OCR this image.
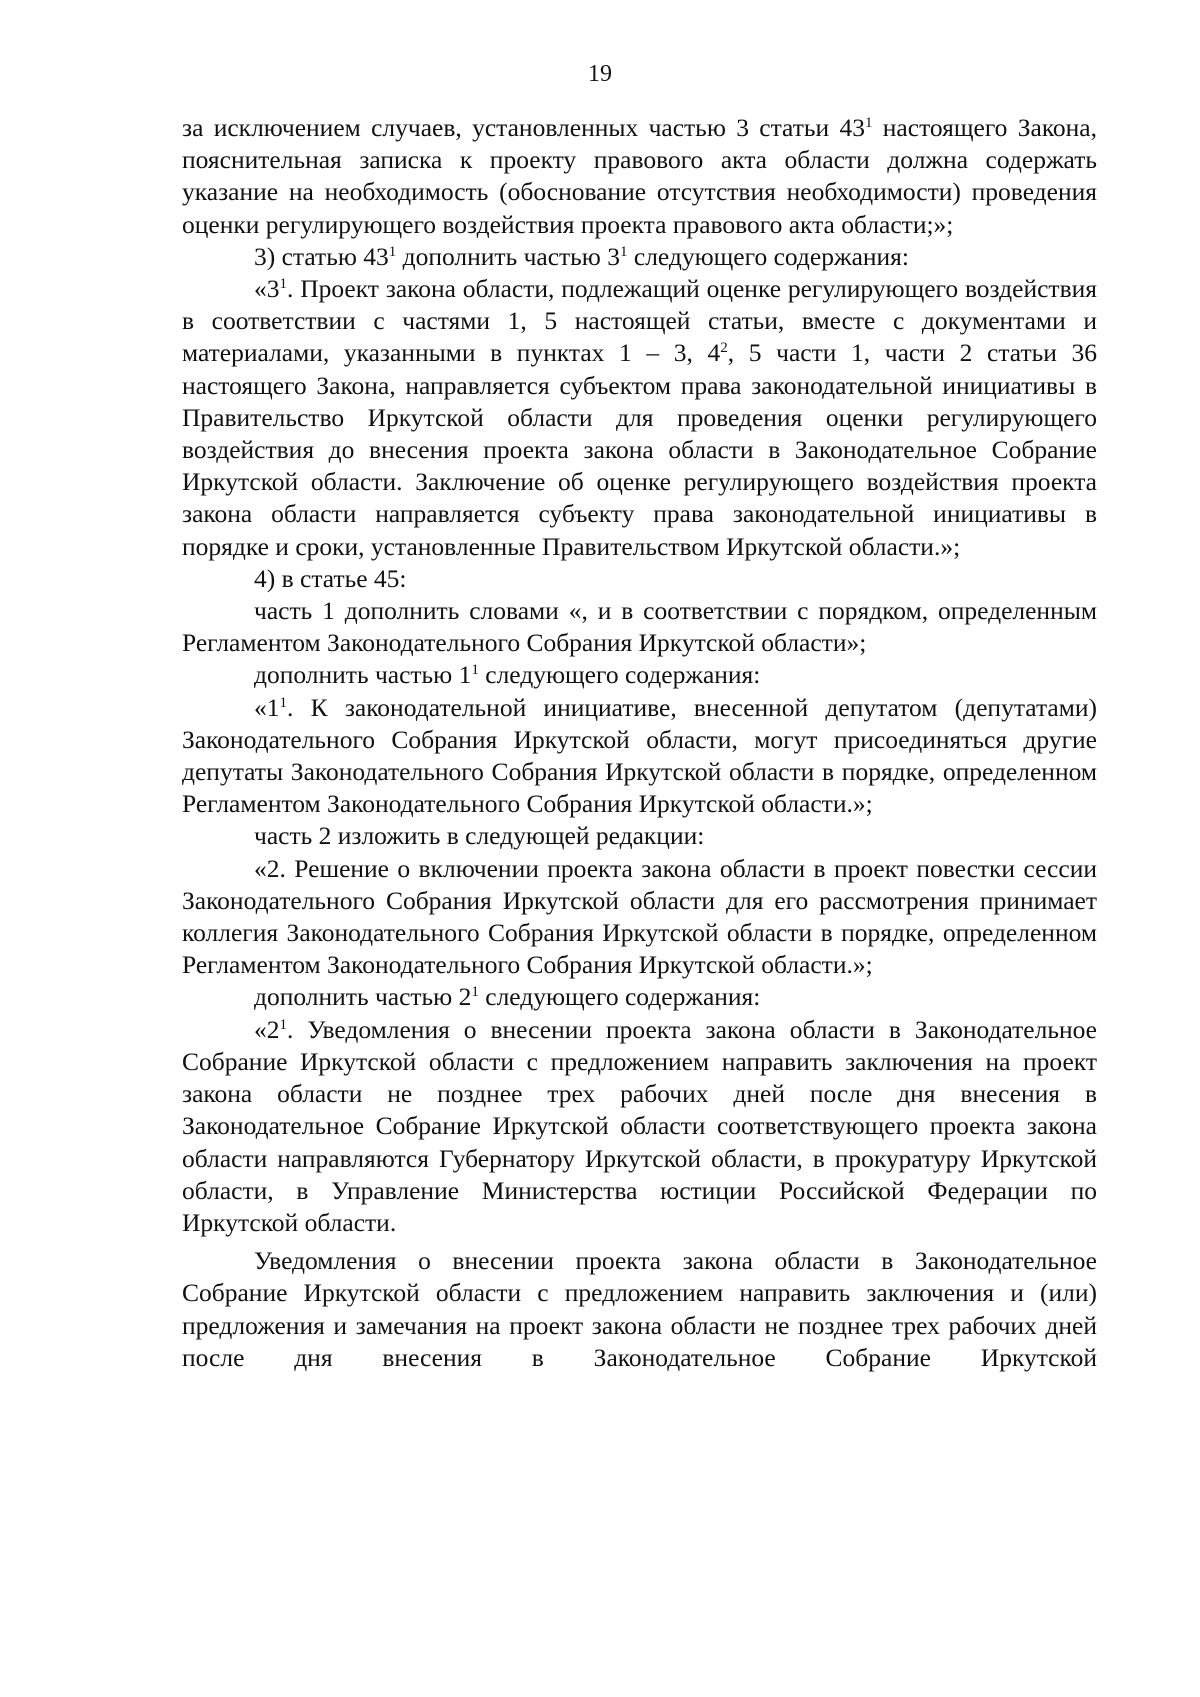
19

за исключением случаев, установленных частью 3 статьи $43^1$ настоящего Закона, пояснительная записка к проекту правового акта области должна содержать указание на необходимость (обоснование отсутствия необходимости) проведения оценки регулирующего воздействия проекта правового акта области;»;

3) статью $43^1$ дополнить частью $3^1$ следующего содержания:

«$3^1$. Проект закона области, подлежащий оценке регулирующего воздействия в соответствии с частями 1, 5 настоящей статьи, вместе с документами и материалами, указанными в пунктах 1 – 3, $4^2$, 5 части 1, части 2 статьи 36 настоящего Закона, направляется субъектом права законодательной инициативы в Правительство Иркутской области для проведения оценки регулирующего воздействия до внесения проекта закона области в Законодательное Собрание Иркутской области. Заключение об оценке регулирующего воздействия проекта закона области направляется субъекту права законодательной инициативы в порядке и сроки, установленные Правительством Иркутской области.»;

4) в статье 45:

часть 1 дополнить словами «, и в соответствии с порядком, определенным Регламентом Законодательного Собрания Иркутской области»;

дополнить частью $1^1$ следующего содержания:

«$1^1$. К законодательной инициативе, внесенной депутатом (депутатами) Законодательного Собрания Иркутской области, могут присоединяться другие депутаты Законодательного Собрания Иркутской области в порядке, определенном Регламентом Законодательного Собрания Иркутской области.»;

часть 2 изложить в следующей редакции:

«2. Решение о включении проекта закона области в проект повестки сессии Законодательного Собрания Иркутской области для его рассмотрения принимает коллегия Законодательного Собрания Иркутской области в порядке, определенном Регламентом Законодательного Собрания Иркутской области.»;

дополнить частью $2^1$ следующего содержания:

«$2^1$. Уведомления о внесении проекта закона области в Законодательное Собрание Иркутской области с предложением направить заключения на проект закона области не позднее трех рабочих дней после дня внесения в Законодательное Собрание Иркутской области соответствующего проекта закона области направляются Губернатору Иркутской области, в прокуратуру Иркутской области, в Управление Министерства юстиции Российской Федерации по Иркутской области.

Уведомления о внесении проекта закона области в Законодательное Собрание Иркутской области с предложением направить заключения и (или) предложения и замечания на проект закона области не позднее трех рабочих дней после дня внесения в Законодательное Собрание Иркутской
